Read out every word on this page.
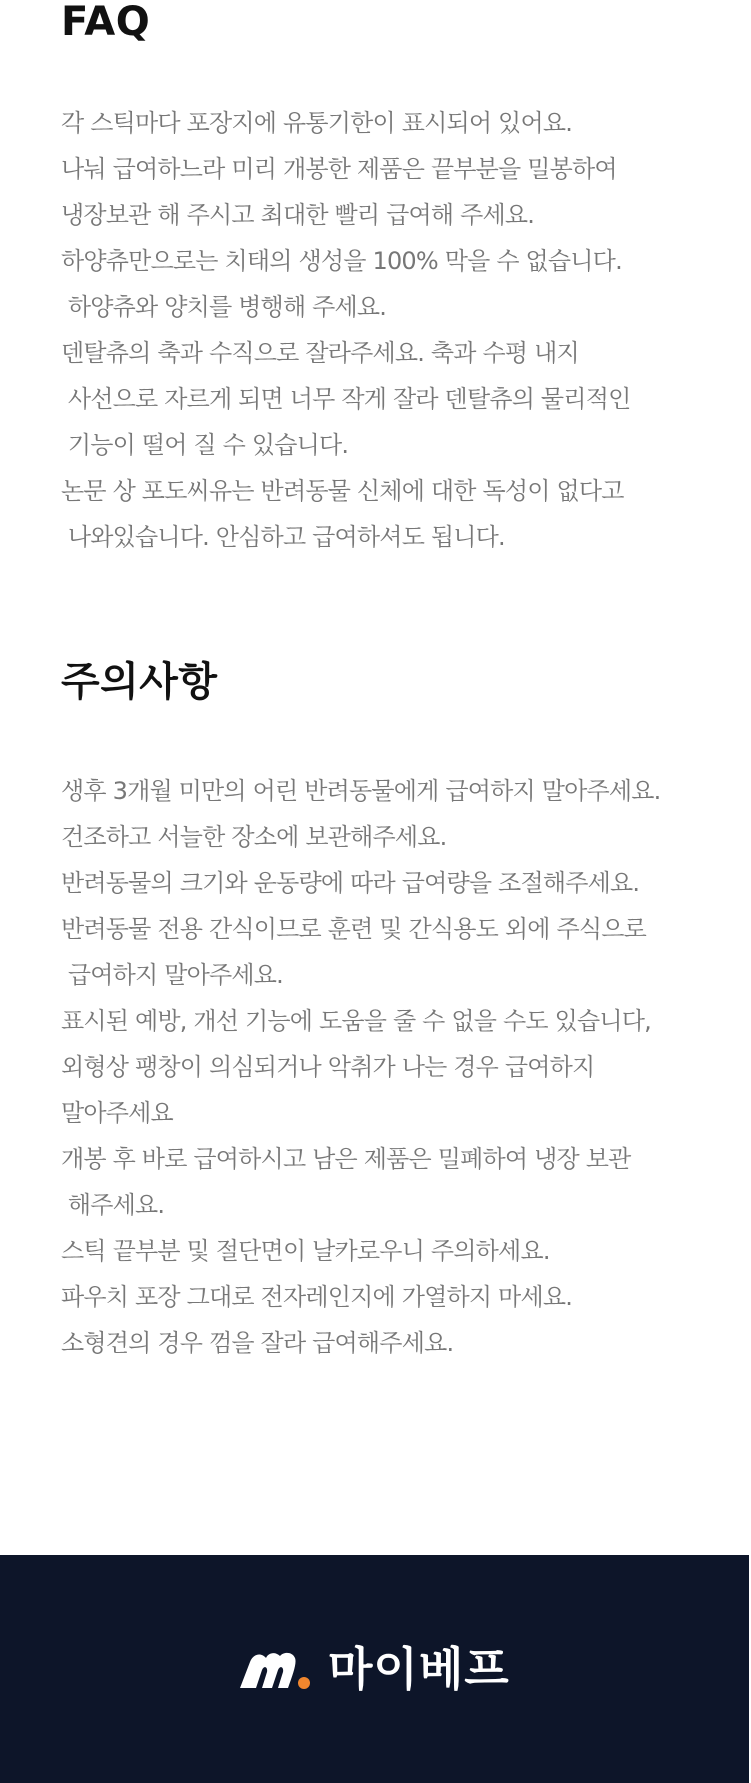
FAQ
각 스틱마다 포장지에 유통기한이 표시되어 있어요.
나눠 급여하느라 미리 개봉한 제품은 끝부분을 밀봉하여
냉장보관 해 주시고 최대한 빨리 급여해 주세요.
하양츄만으로는 치태의 생성을 100% 막을 수 없습니다.
하양츄와 양치를 병행해 주세요.
덴탈츄의 축과 수직으로 잘라주세요. 축과 수평 내지
사선으로 자르게 되면 너무 작게 잘라 덴탈츄의 물리적인
기능이 떨어 질 수 있습니다.
논문 상 포도씨유는 반려동물 신체에 대한 독성이 없다고
나와있습니다. 안심하고 급여하셔도 됩니다.
주의사항
생후 3개월 미만의 어린 반려동물에게 급여하지 말아주세요.
건조하고 서늘한 장소에 보관해주세요.
반려동물의 크기와 운동량에 따라 급여량을 조절해주세요.
반려동물 전용 간식이므로 훈련 및 간식용도 외에 주식으로
급여하지 말아주세요.
표시된 예방, 개선 기능에 도움을 줄 수 없을 수도 있습니다,
외형상 팽창이 의심되거나 악취가 나는 경우 급여하지
말아주세요
개봉 후 바로 급여하시고 남은 제품은 밀폐하여 냉장 보관
해주세요.
스틱 끝부분 및 절단면이 날카로우니 주의하세요.
파우치 포장 그대로 전자레인지에 가열하지 마세요.
소형견의 경우 껌을 잘라 급여해주세요.
마이베프
